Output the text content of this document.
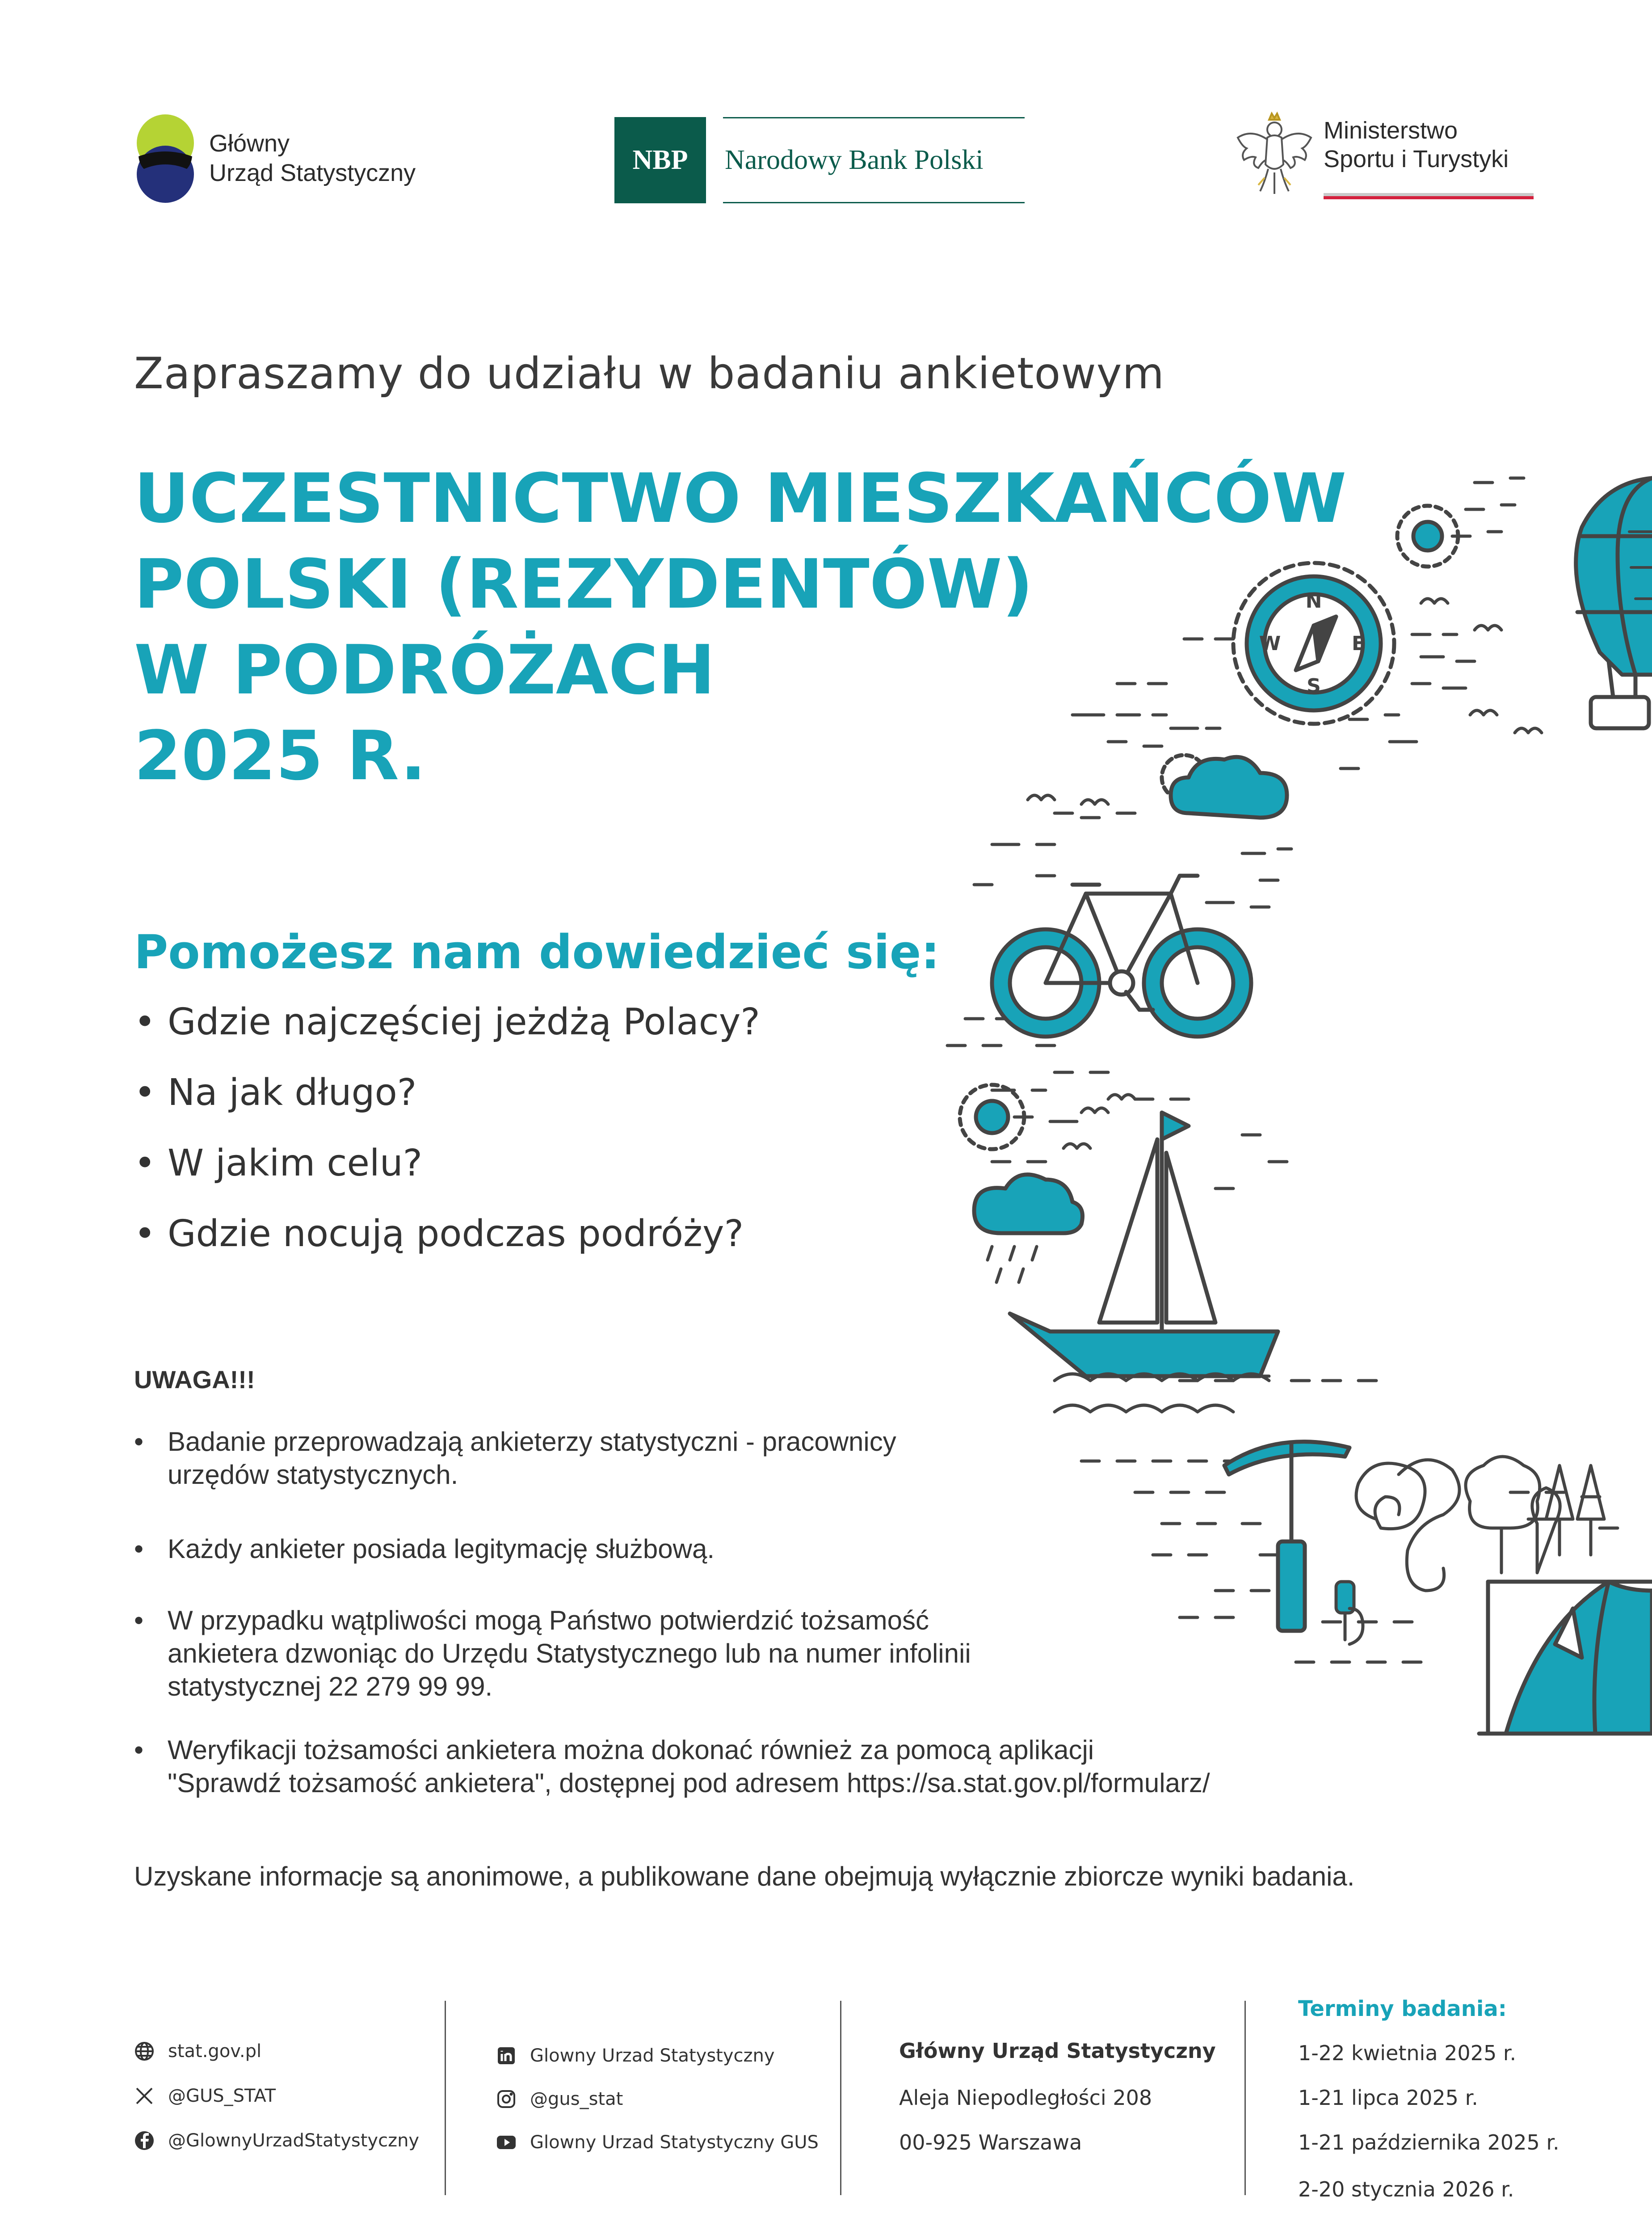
Główny
Urząd Statystyczny	NBP Narodowy Bank Polski
Ministerstwo
Sportu i Turystyki
Zapraszamy do udziału w badaniu ankietowym
UCZESTNICTWO MIESZKAŃCÓW
POLSKI (REZYDENTÓW)
W PODRÓŻACH
2025 R.
Pomożesz nam dowiedzieć się:
• Gdzie najczęściej jeżdżą Polacy?
• Na jak długo?
• W jakim celu?
• Gdzie nocują podczas podróży?
UWAGA!!!
• Badanie przeprowadzają ankieterzy statystyczni - pracownicy
urzędów statystycznych.
• Każdy ankieter posiada legitymację służbową.
• W przypadku wątpliwości mogą Państwo potwierdzić tożsamość
ankietera dzwoniąc do Urzędu Statystycznego lub na numer infolinii
statystycznej 22 279 99 99.
• Weryfikacji tożsamości ankietera można dokonać również za pomocą aplikacji
"Sprawdź tożsamość ankietera", dostępnej pod adresem https://sa.stat.gov.pl/formularz/
Uzyskane informacje są anonimowe, a publikowane dane obejmują wyłącznie zbiorcze wyniki badania.
N
E
S
W
stat.gov.pl
@GUS_STAT
@GlownyUrzadStatystyczny
Glowny Urzad Statystyczny
@gus_stat
Glowny Urzad Statystyczny GUS
Główny Urząd Statystyczny
Aleja Niepodległości 208
00-925 Warszawa
Terminy badania:
1-22 kwietnia 2025 r.
1-21 lipca 2025 r.
1-21 października 2025 r.
2-20 stycznia 2026 r.
